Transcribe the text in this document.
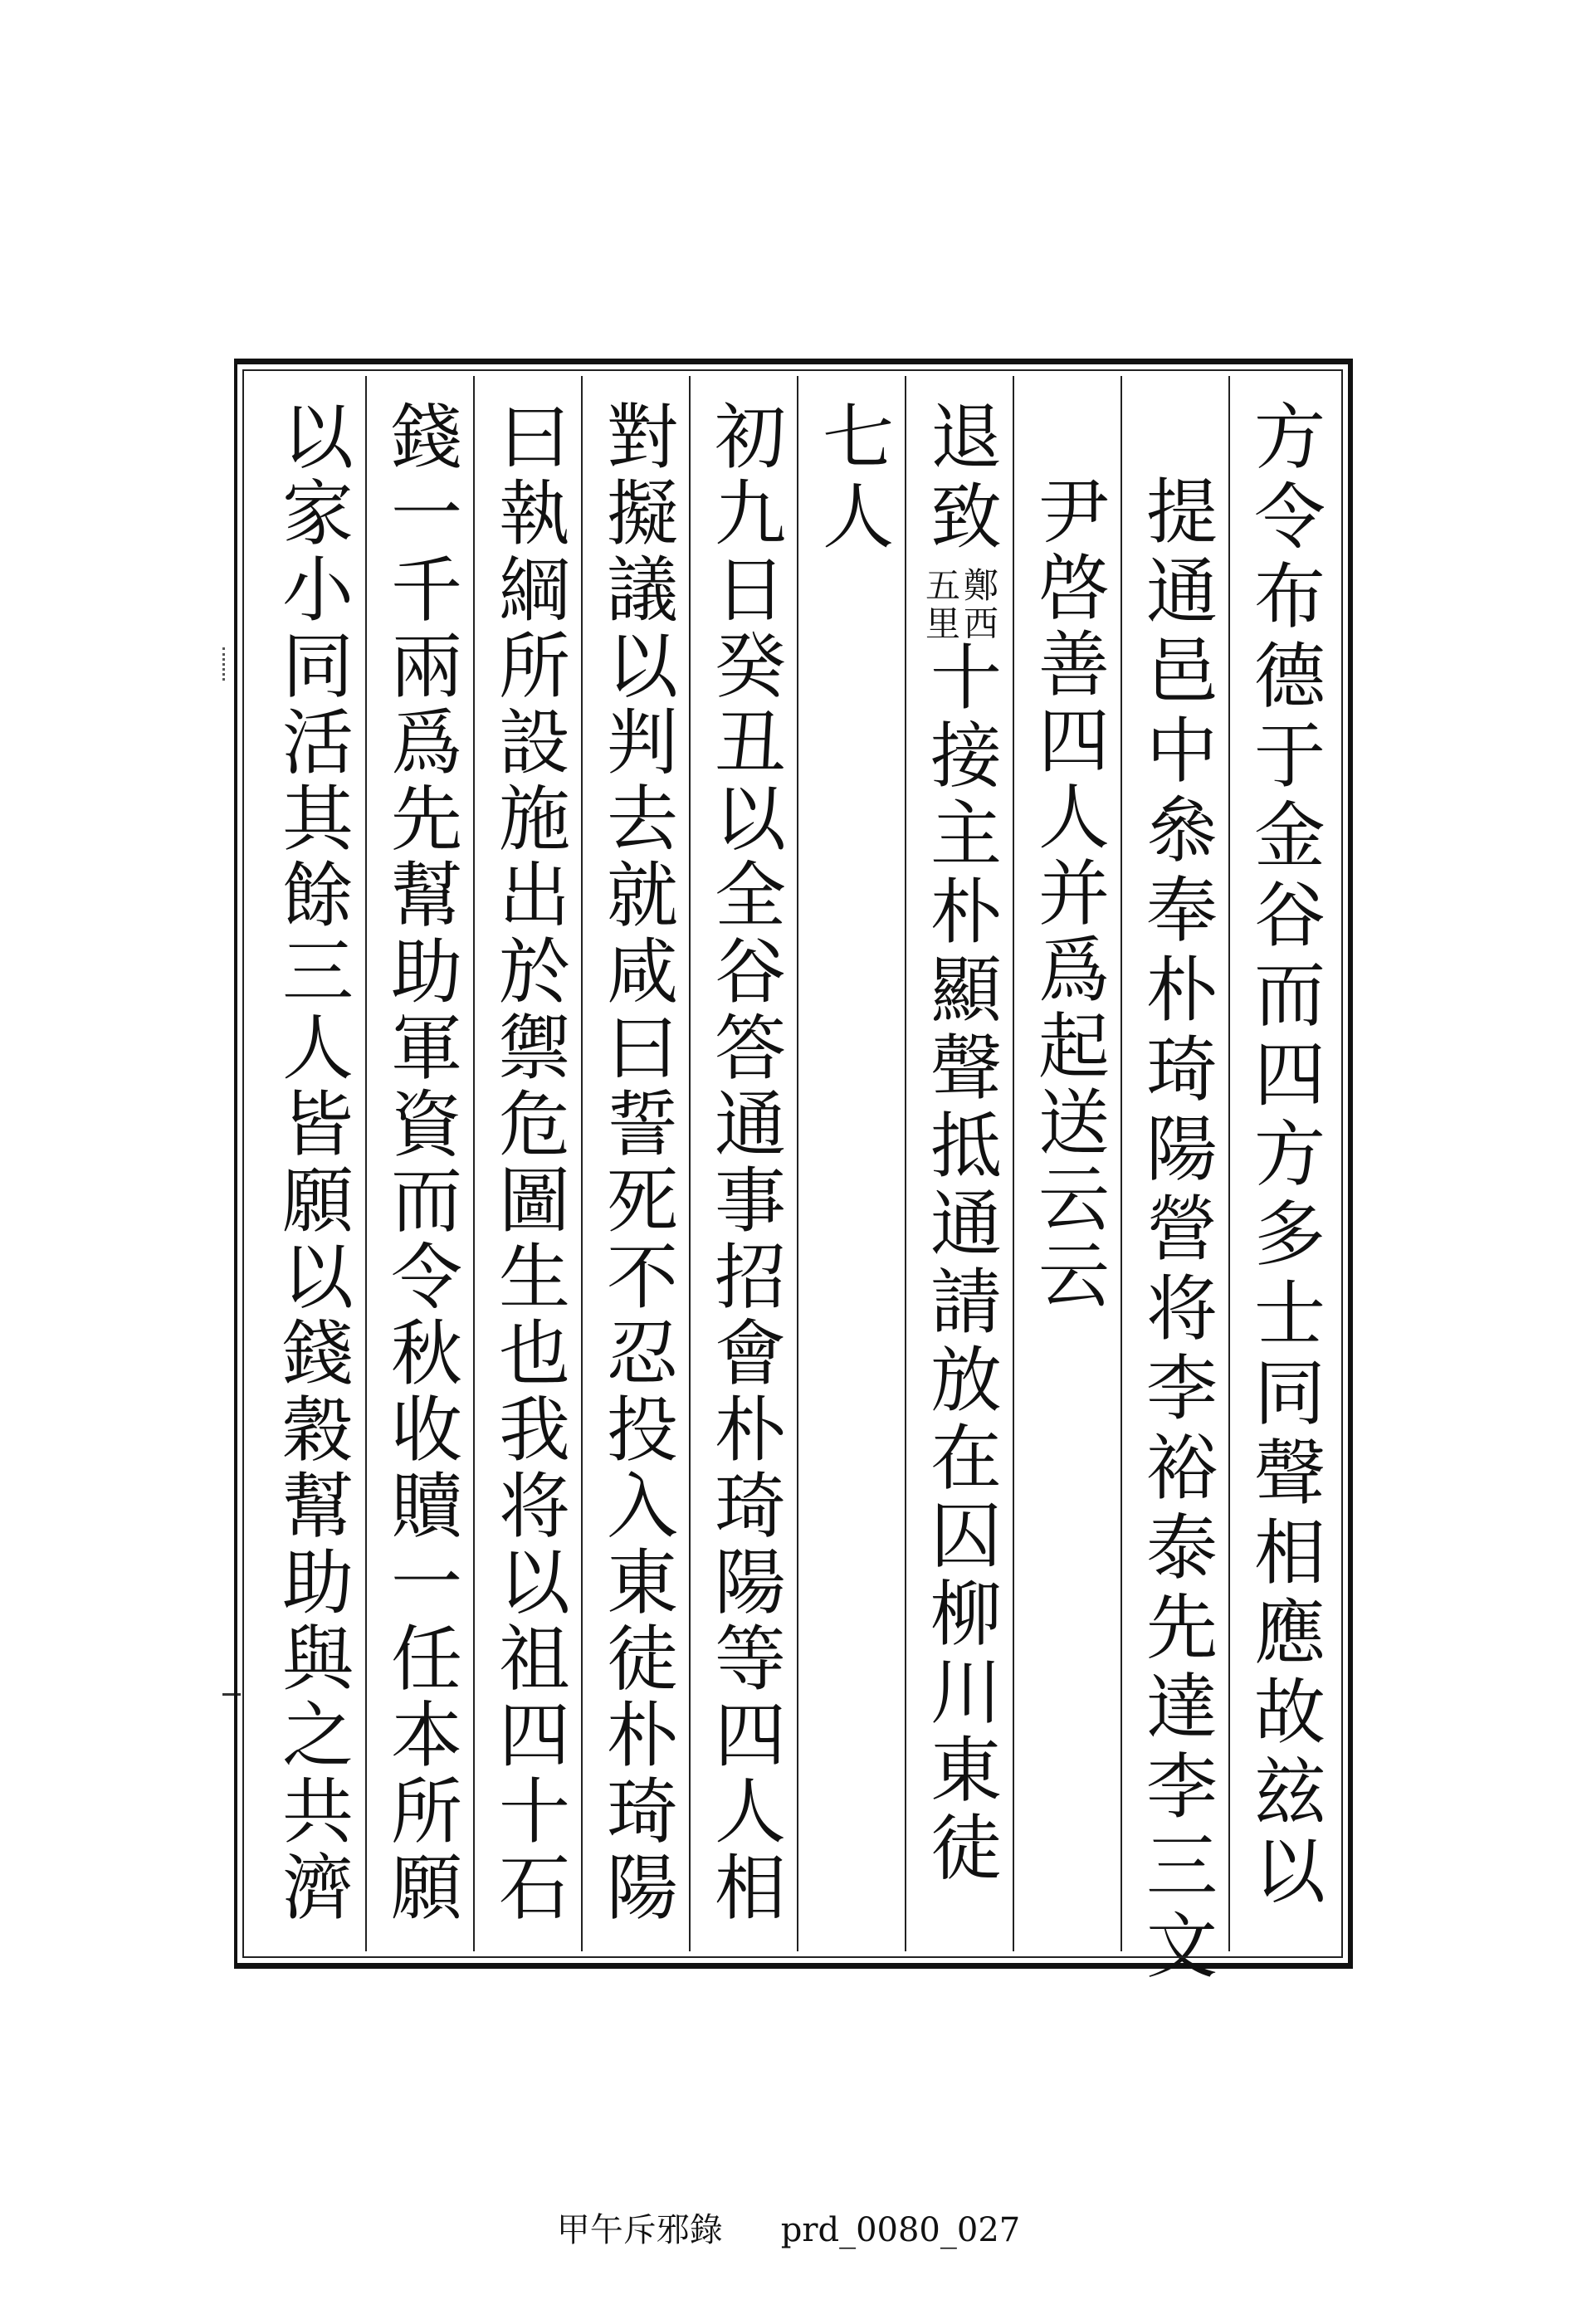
方令布德于金谷而四方多士同聲相應故玆以
提通邑中叅奉朴琦陽營将李裕泰先達李三文
尹啓善四人并爲起送云云
退致
鄭西
五里
十接主朴顯聲抵通請放在囚柳川東徒
七人
初九日癸丑以全谷答通事招會朴琦陽等四人相
對擬議以判去就咸曰誓死不忍投入東徒朴琦陽
曰執綱所設施出於禦危圖生也我将以祖四十石
錢一千兩爲先幫助軍資而令秋收贖一任本所願
以家小同活其餘三人皆願以錢穀幫助與之共濟
甲午斥邪錄 prd_0080_027
